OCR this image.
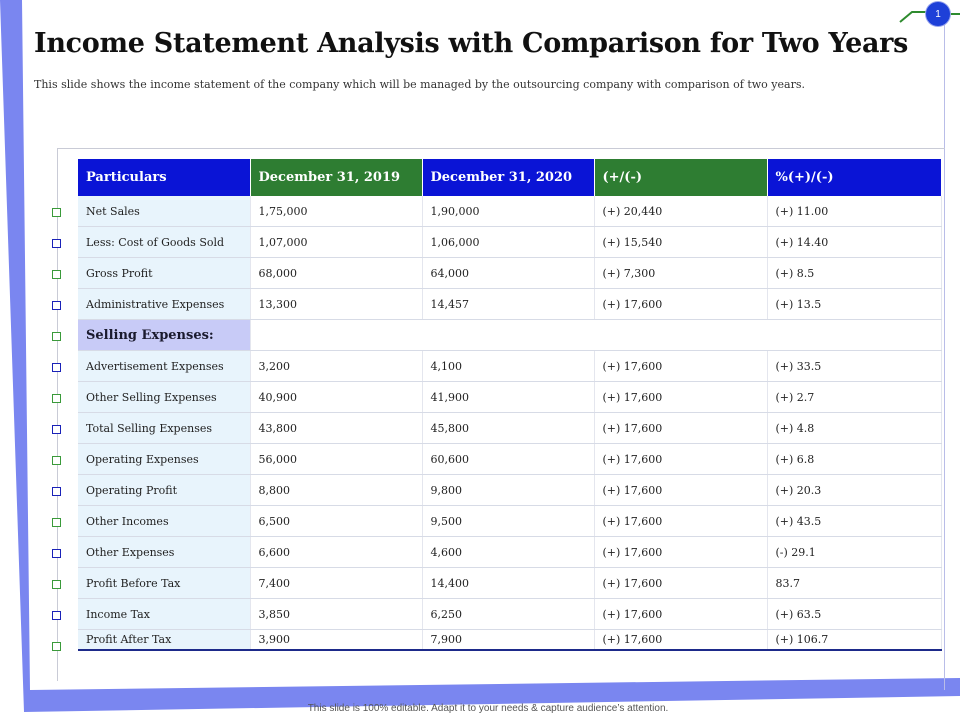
1
Income Statement Analysis with Comparison for Two Years

This slide shows the income statement of the company which will be managed by the outsourcing company with comparison of two years.

Particulars	December 31, 2019	December 31, 2020	(+/(-)	%(+)/(-)
Net Sales	1,75,000	1,90,000	(+) 20,440	(+) 11.00
Less: Cost of Goods Sold	1,07,000	1,06,000	(+) 15,540	(+) 14.40
Gross Profit	68,000	64,000	(+) 7,300	(+) 8.5
Administrative Expenses	13,300	14,457	(+) 17,600	(+) 13.5
Selling Expenses:				
Advertisement Expenses	3,200	4,100	(+) 17,600	(+) 33.5
Other Selling Expenses	40,900	41,900	(+) 17,600	(+) 2.7
Total Selling Expenses	43,800	45,800	(+) 17,600	(+) 4.8
Operating Expenses	56,000	60,600	(+) 17,600	(+) 6.8
Operating Profit	8,800	9,800	(+) 17,600	(+) 20.3
Other Incomes	6,500	9,500	(+) 17,600	(+) 43.5
Other Expenses	6,600	4,600	(+) 17,600	(-) 29.1
Profit Before Tax	7,400	14,400	(+) 17,600	83.7
Income Tax	3,850	6,250	(+) 17,600	(+) 63.5
Profit After Tax	3,900	7,900	(+) 17,600	(+) 106.7
This slide is 100% editable. Adapt it to your needs & capture audience’s attention.
